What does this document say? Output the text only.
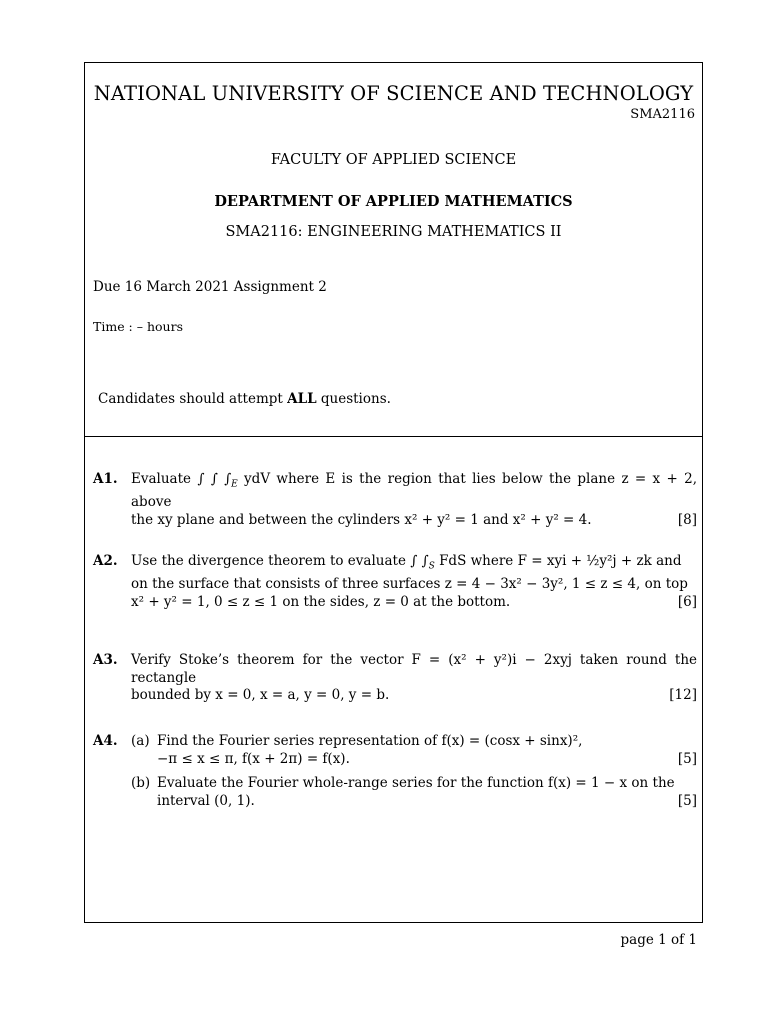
NATIONAL UNIVERSITY OF SCIENCE AND TECHNOLOGY
SMA2116
FACULTY OF APPLIED SCIENCE
DEPARTMENT OF APPLIED MATHEMATICS
SMA2116: ENGINEERING MATHEMATICS II
Due 16 March 2021 Assignment 2
Time : – hours
Candidates should attempt ALL questions.
A1. Evaluate ∫ ∫ $\int_E$ ydV where E is the region that lies below the plane z = x + 2, above
the xy plane and between the cylinders x² + y² = 1 and x² + y² = 4.	[8]
A2. Use the divergence theorem to evaluate ∫ $\int_S$ FdS where F = xyi + ½y²j + zk and
on the surface that consists of three surfaces z = 4 − 3x² − 3y², 1 ≤ z ≤ 4, on top
x² + y² = 1, 0 ≤ z ≤ 1 on the sides, z = 0 at the bottom.	[6]
A3. Verify Stoke’s theorem for the vector F = (x² + y²)i − 2xyj taken round the rectangle
bounded by x = 0, x = a, y = 0, y = b.	[12]
A4. (a) Find the Fourier series representation of f(x) = (cosx + sinx)²,
−π ≤ x ≤ π, f(x + 2π) = f(x).	[5]
(b) Evaluate the Fourier whole-range series for the function f(x) = 1 − x on the
interval (0, 1).	[5]
page 1 of 1
